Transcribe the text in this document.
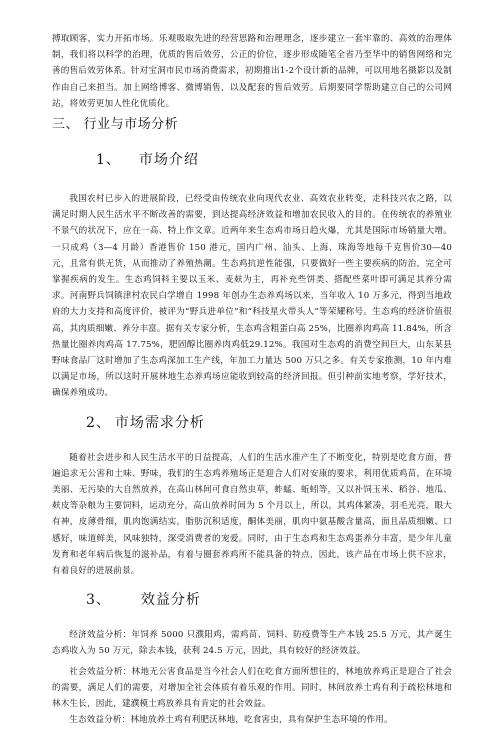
搏取顾客，实力开拓市场。乐观吸取先进的经营思路和治理理念，逐步建立一套牢靠的、高效的治理体制，我们将以科学的治理，优质的售后效劳，公正的价位，逐步形成随笔全省乃至华中的销售网络和完善的售后效劳体系。针对宝洞市民市场消费需求，初期推出1-2个设计新的品牌，可以用地名摄影以及制作由自己来担当。加上网络博客、微博销售，以及配套的售后效劳。后期要同学帮助建立自己的公司网站，将效劳更加人性化优质化。

三、 行业与市场分析
1、 市场介绍

我国农村已步入的进展阶段，已经受由传统农业向现代农业、高效农业转变，走科技兴农之路，以满足时期人民生活水平不断改善的需要，到达提高经济效益和增加农民收入的目的。在传统农的养殖业不景气的状况下，应在一高、特上作文章。近两年来生态鸡市场日趋火爆，尤其是国际市场销量大增。一只成鸡（3—4 月龄）香港售价 150 港元，国内广州、汕头、上海、珠海等地每千克售价30—40 元，且常有供无货，从而推动了养殖热潮。生态鸡抗逆性能强，只要做好一些主要疾病的防治，完全可掌握疾病的发生。生态鸡饲料主要以玉米、麦麸为主，再补充些饼类、搭配些菜叶即可满足其养分需求。河南野兵饲镇津村农民白学增自 1998 年创办生态养鸡场以来，当年收入 10 万多元，得到当地政府的大力支持和高度评价，被评为“野兵进单位”和“科技星火带头人”等荣耀称号。生态鸡的经济价值很高，其肉质细嫩、养分丰富。据有关专家分析，生态鸡含粗蛋白高 25%，比圈养肉鸡高 11.84%，所含热量比圈养肉鸡高 17.75%，肥固醇比圈养肉鸡低29.12%。我国对生态鸡的消费空间巨大，山东某县野味食品厂这时增加了生态鸡深加工生产线，年加工力量达 500 万只之多。有关专家推测，10 年内难以满足市场，所以这时开展林地生态养鸡场应能收到较高的经济回报。但引种前实地考察，学好技术，确保养殖成功。

2、 市场需求分析

随着社会进步和人民生活水平的日益提高，人们的生活水准产生了不断变化，特别是吃食方面，普遍追求无公害和土味、野味，我们的生态鸡养殖场正是迎合人们对安康的要求，利用优质鸡苗，在环境美丽、无污染的大自然放养，在高山林间可食自然虫草，蚱蜢、蚯蚓等，又以补饲玉米、稻谷、地瓜、麸皮等杂粮为主要饲料，运动充分，高山放养时间为 5 个月以上，所以，其鸡体紧凑，羽毛光亮，眼大有神，皮薄骨细，肌肉饱满结实，脂肪沉积适度，酮体美丽，肌肉中氨基酸含量高，面且品质细嫩、口感好，味道鲜美，风味独特，深受消费者的宠爱。同时，由于生态鸡和生态鸡蛋养分丰富，是少年儿童发育和老年病后恢复的滋补品，有着与圈套养鸡所不能具备的特点，因此，该产品在市场上供不应求，有着良好的进展前景。

3、 效益分析

经济效益分析：年饲养 5000 只濮阳鸡，需鸡苗、饲料、防疫费等生产本钱 25.5 万元，其产诞生态鸡收入为 50 万元，除去本钱，获利 24.5 万元，因此，具有较好的经济效益。

社会效益分析：林地无公害食品是当今社会人们在吃食方面所想往的，林地放养鸡正是迎合了社会的需要，满足人们的需要，对增加全社会体质有着乐观的作用。同时，林间放养土鸡有利于疏松林地和林木生长，因此，建濮模土鸡放养具有肯定的社会效益。

生态效益分析：林地放养土鸡有利肥沃林地，吃食害虫，具有保护生态环境的作用。
